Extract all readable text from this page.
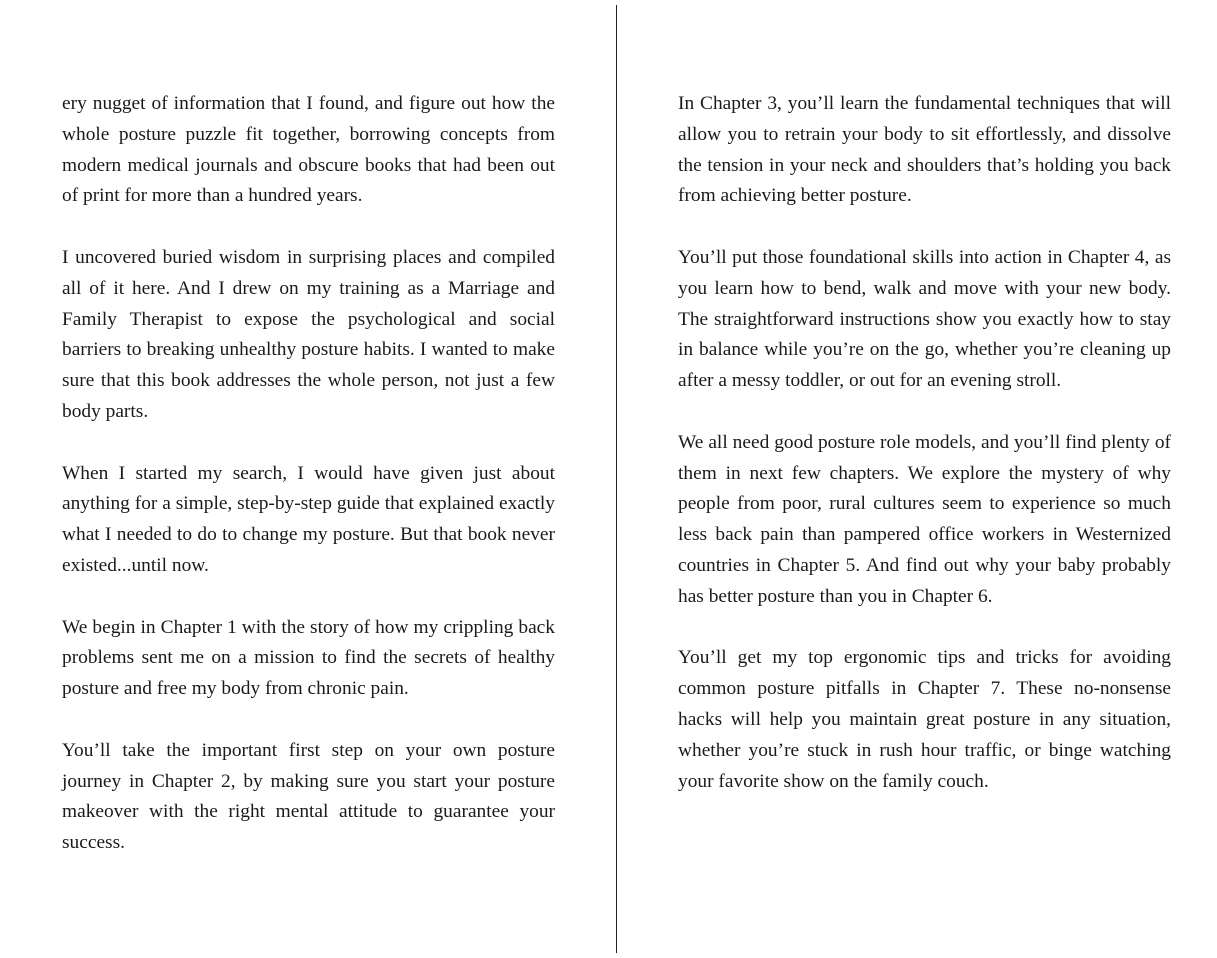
ery nugget of information that I found, and figure out how the whole posture puzzle fit together, borrowing concepts from modern medical journals and obscure books that had been out of print for more than a hundred years.

I uncovered buried wisdom in surprising places and compiled all of it here. And I drew on my training as a Marriage and Family Therapist to expose the psychological and social barriers to breaking unhealthy posture habits. I wanted to make sure that this book addresses the whole person, not just a few body parts.

When I started my search, I would have given just about anything for a simple, step-by-step guide that explained exactly what I needed to do to change my posture. But that book never existed...until now.

We begin in Chapter 1 with the story of how my crippling back problems sent me on a mission to find the secrets of healthy posture and free my body from chronic pain.

You’ll take the important first step on your own posture journey in Chapter 2, by making sure you start your posture makeover with the right mental attitude to guarantee your success.

In Chapter 3, you’ll learn the fundamental techniques that will allow you to retrain your body to sit effortlessly, and dissolve the tension in your neck and shoulders that’s holding you back from achieving better posture.

You’ll put those foundational skills into action in Chapter 4, as you learn how to bend, walk and move with your new body. The straightforward instructions show you exactly how to stay in balance while you’re on the go, whether you’re cleaning up after a messy toddler, or out for an evening stroll.

We all need good posture role models, and you’ll find plenty of them in next few chapters. We explore the mystery of why people from poor, rural cultures seem to experience so much less back pain than pampered office workers in Westernized countries in Chapter 5. And find out why your baby probably has better posture than you in Chapter 6.

You’ll get my top ergonomic tips and tricks for avoiding common posture pitfalls in Chapter 7. These no-nonsense hacks will help you maintain great posture in any situation, whether you’re stuck in rush hour traffic, or binge watching your favorite show on the family couch.
